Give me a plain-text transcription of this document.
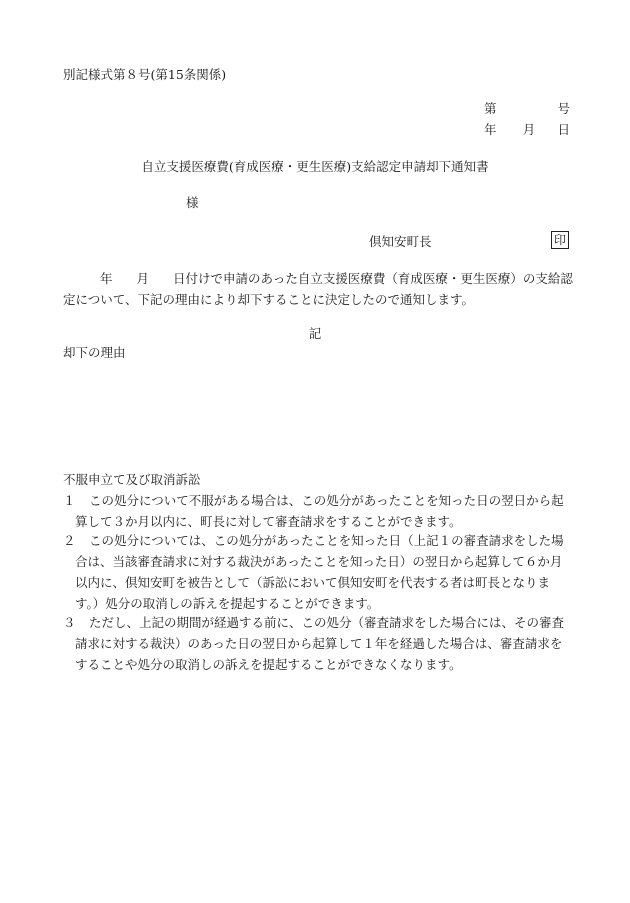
別記様式第８号(第15条関係)
第	号
年 月 日
自立支援医療費(育成医療・更生医療)支給認定申請却下通知書
様
倶知安町長	印
年 月 日付けで申請のあった自立支援医療費（育成医療・更生医療）の支給認定について、下記の理由により却下することに決定したので通知します。
記
却下の理由
不服申立て及び取消訴訟
１	この処分について不服がある場合は、この処分があったことを知った日の翌日から起算して３か月以内に、町長に対して審査請求をすることができます。
２	この処分については、この処分があったことを知った日（上記１の審査請求をした場合は、当該審査請求に対する裁決があったことを知った日）の翌日から起算して６か月以内に、倶知安町を被告として（訴訟において倶知安町を代表する者は町長となります。）処分の取消しの訴えを提起することができます。
３	ただし、上記の期間が経過する前に、この処分（審査請求をした場合には、その審査請求に対する裁決）のあった日の翌日から起算して１年を経過した場合は、審査請求をすることや処分の取消しの訴えを提起することができなくなります。
